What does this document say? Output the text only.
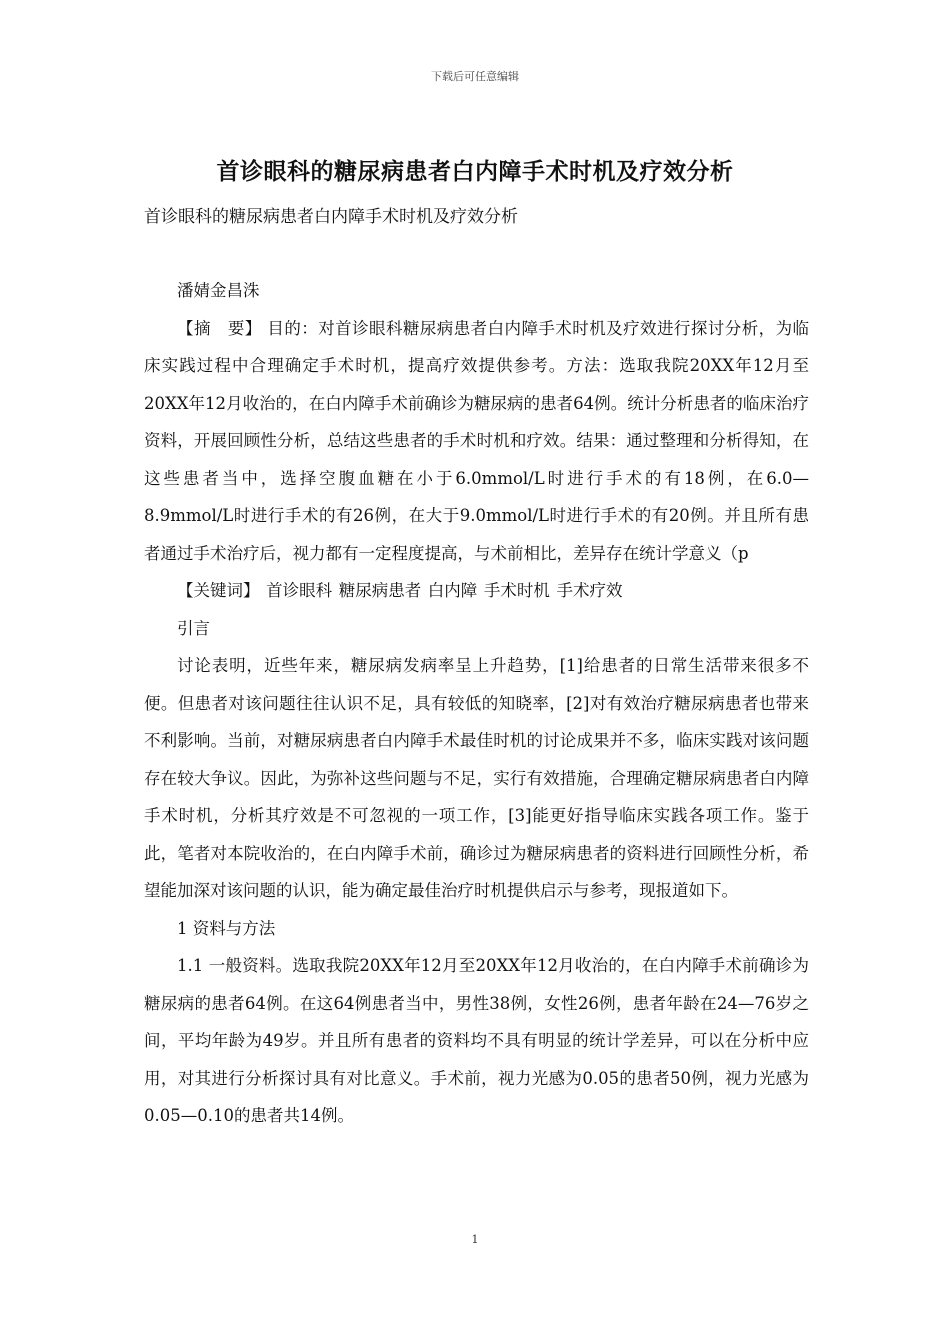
下载后可任意编辑
首诊眼科的糖尿病患者白内障手术时机及疗效分析
首诊眼科的糖尿病患者白内障手术时机及疗效分析

潘婧金昌洙

【摘　要】 目的：对首诊眼科糖尿病患者白内障手术时机及疗效进行探讨分析，为临床实践过程中合理确定手术时机，提高疗效提供参考。方法：选取我院20XX年12月至20XX年12月收治的，在白内障手术前确诊为糖尿病的患者64例。统计分析患者的临床治疗资料，开展回顾性分析，总结这些患者的手术时机和疗效。结果：通过整理和分析得知，在这些患者当中，选择空腹血糖在小于6.0mmol/L时进行手术的有18例，在6.0—8.9mmol/L时进行手术的有26例，在大于9.0mmol/L时进行手术的有20例。并且所有患者通过手术治疗后，视力都有一定程度提高，与术前相比，差异存在统计学意义（p

【关键词】 首诊眼科 糖尿病患者 白内障 手术时机 手术疗效

引言

讨论表明，近些年来，糖尿病发病率呈上升趋势，[1]给患者的日常生活带来很多不便。但患者对该问题往往认识不足，具有较低的知晓率，[2]对有效治疗糖尿病患者也带来不利影响。当前，对糖尿病患者白内障手术最佳时机的讨论成果并不多，临床实践对该问题存在较大争议。因此，为弥补这些问题与不足，实行有效措施，合理确定糖尿病患者白内障手术时机，分析其疗效是不可忽视的一项工作，[3]能更好指导临床实践各项工作。鉴于此，笔者对本院收治的，在白内障手术前，确诊过为糖尿病患者的资料进行回顾性分析，希望能加深对该问题的认识，能为确定最佳治疗时机提供启示与参考，现报道如下。

1 资料与方法

1.1 一般资料。选取我院20XX年12月至20XX年12月收治的，在白内障手术前确诊为糖尿病的患者64例。在这64例患者当中，男性38例，女性26例，患者年龄在24—76岁之间，平均年龄为49岁。并且所有患者的资料均不具有明显的统计学差异，可以在分析中应用，对其进行分析探讨具有对比意义。手术前，视力光感为0.05的患者50例，视力光感为0.05—0.10的患者共14例。

1
